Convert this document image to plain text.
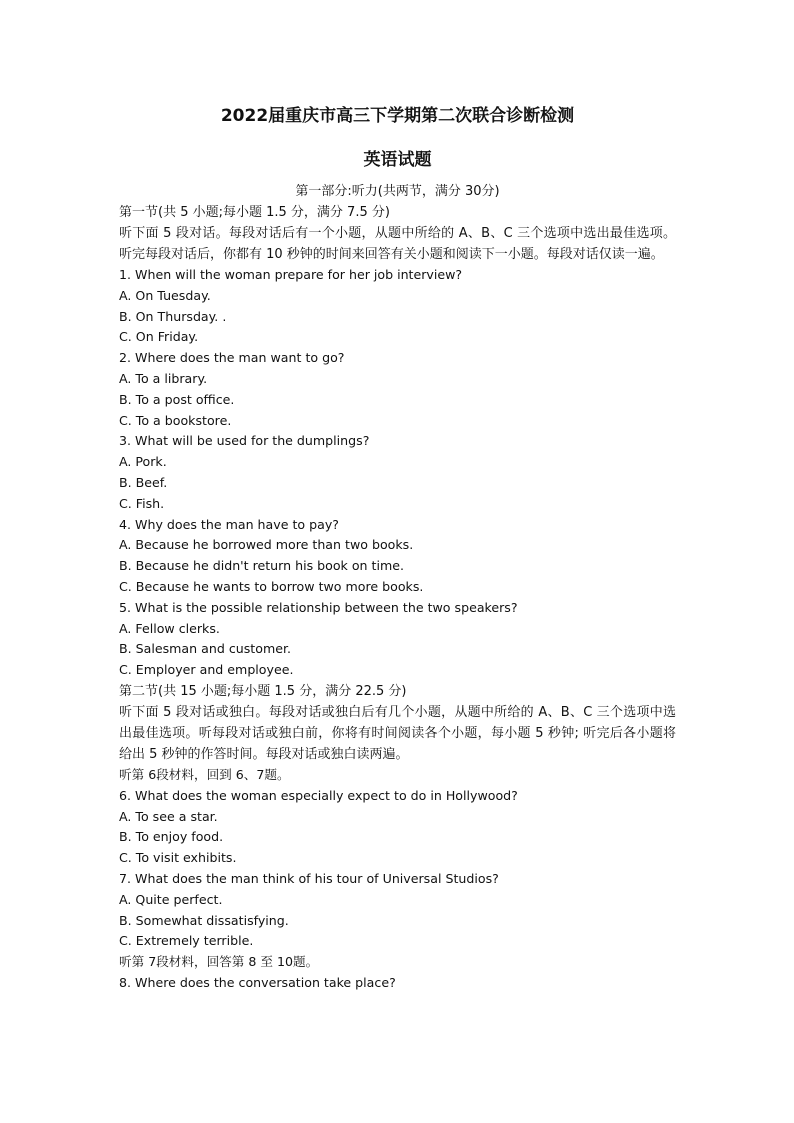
2022届重庆市高三下学期第二次联合诊断检测
英语试题
第一部分:听力(共两节，满分 30分)
第一节(共 5 小题;每小题 1.5 分，满分 7.5 分)
听下面 5 段对话。每段对话后有一个小题，从题中所给的 A、B、C 三个选项中选出最佳选项。听完每段对话后，你都有 10 秒钟的时间来回答有关小题和阅读下一小题。每段对话仅读一遍。
1. When will the woman prepare for her job interview?
A. On Tuesday.
B. On Thursday. .
C. On Friday.
2. Where does the man want to go?
A. To a library.
B. To a post office.
C. To a bookstore.
3. What will be used for the dumplings?
A. Pork.
B. Beef.
C. Fish.
4. Why does the man have to pay?
A. Because he borrowed more than two books.
B. Because he didn't return his book on time.
C. Because he wants to borrow two more books.
5. What is the possible relationship between the two speakers?
A. Fellow clerks.
B. Salesman and customer.
C. Employer and employee.
第二节(共 15 小题;每小题 1.5 分，满分 22.5 分)
听下面 5 段对话或独白。每段对话或独白后有几个小题，从题中所给的 A、B、C 三个选项中选出最佳选项。听每段对话或独白前，你将有时间阅读各个小题，每小题 5 秒钟; 听完后各小题将给出 5 秒钟的作答时间。每段对话或独白读两遍。
听第 6段材料，回到 6、7题。
6. What does the woman especially expect to do in Hollywood?
A. To see a star.
B. To enjoy food.
C. To visit exhibits.
7. What does the man think of his tour of Universal Studios?
A. Quite perfect.
B. Somewhat dissatisfying.
C. Extremely terrible.
听第 7段材料，回答第 8 至 10题。
8. Where does the conversation take place?
